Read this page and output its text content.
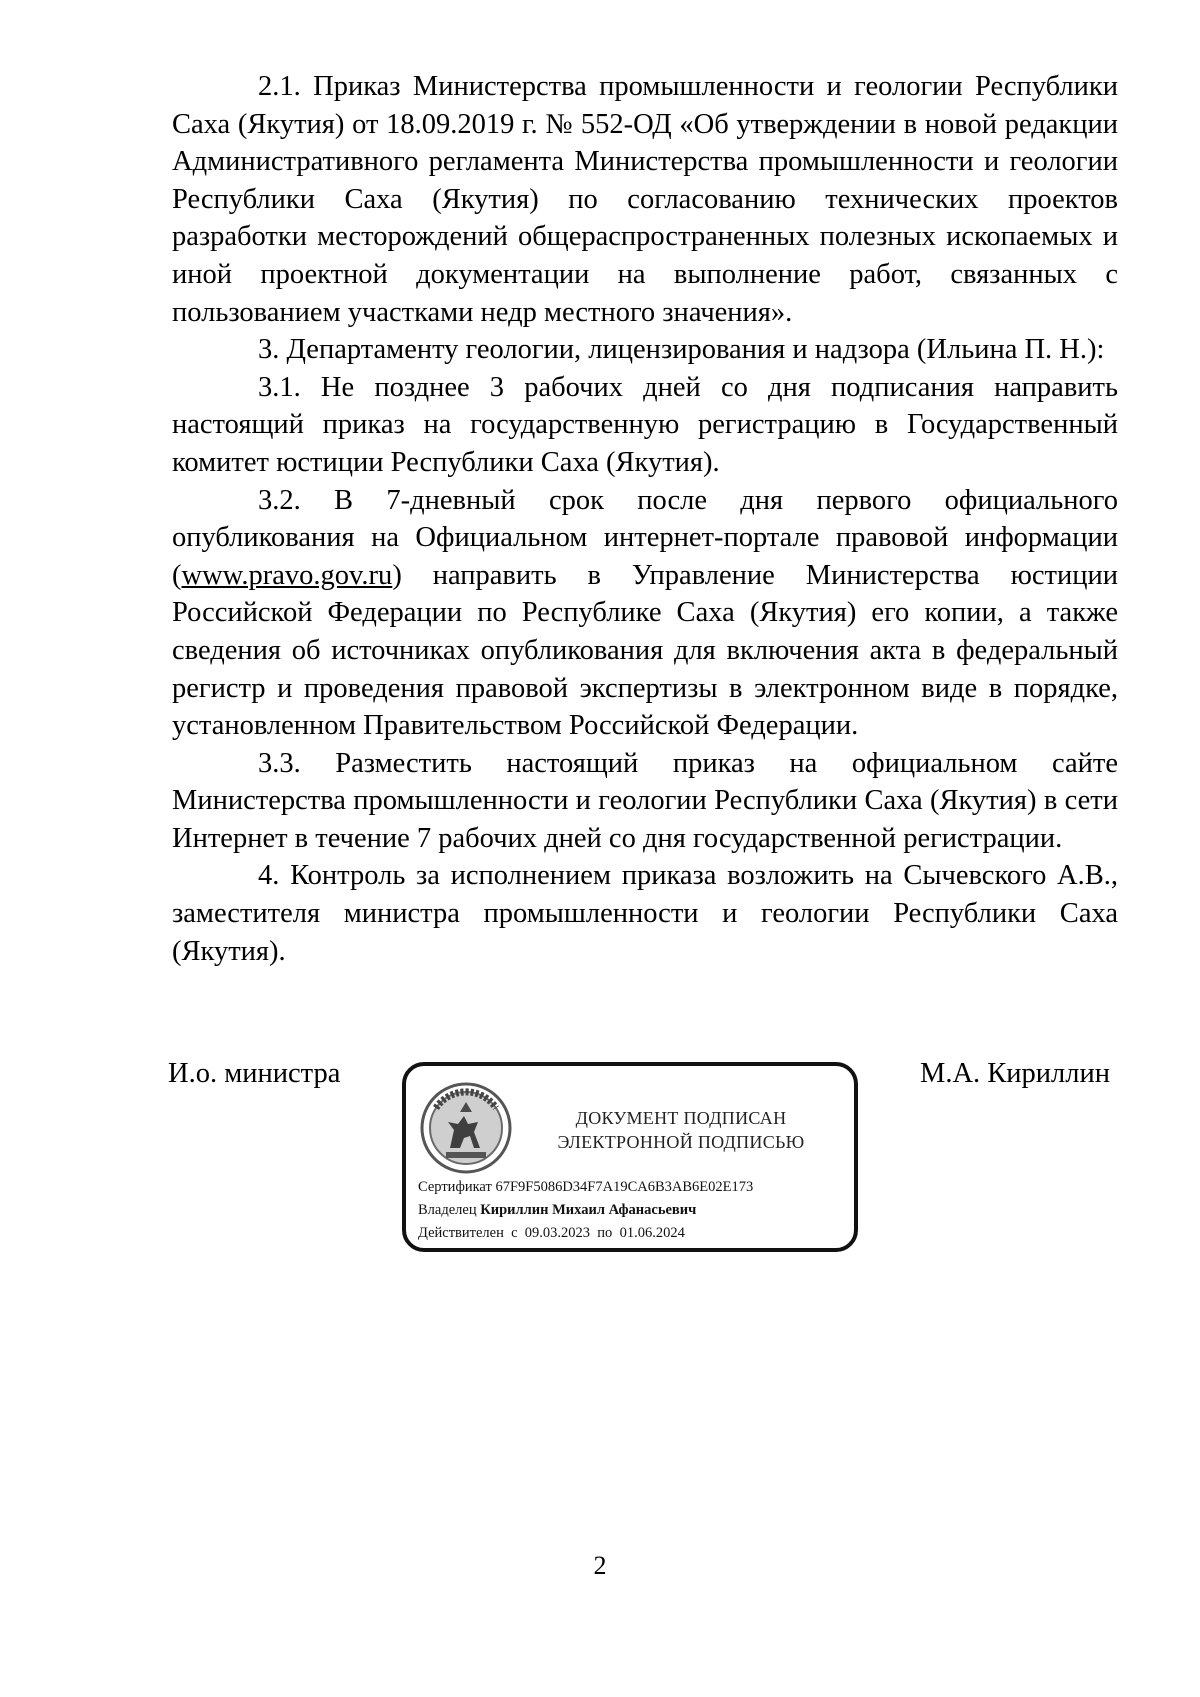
2.1. Приказ Министерства промышленности и геологии Республики Саха (Якутия) от 18.09.2019 г. № 552-ОД «Об утверждении в новой редакции Административного регламента Министерства промышленности и геологии Республики Саха (Якутия) по согласованию технических проектов разработки месторождений общераспространенных полезных ископаемых и иной проектной документации на выполнение работ, связанных с пользованием участками недр местного значения».

3. Департаменту геологии, лицензирования и надзора (Ильина П. Н.):

3.1. Не позднее 3 рабочих дней со дня подписания направить настоящий приказ на государственную регистрацию в Государственный комитет юстиции Республики Саха (Якутия).

3.2. В 7-дневный срок после дня первого официального опубликования на Официальном интернет-портале правовой информации (www.pravo.gov.ru) направить в Управление Министерства юстиции Российской Федерации по Республике Саха (Якутия) его копии, а также сведения об источниках опубликования для включения акта в федеральный регистр и проведения правовой экспертизы в электронном виде в порядке, установленном Правительством Российской Федерации.

3.3. Разместить настоящий приказ на официальном сайте Министерства промышленности и геологии Республики Саха (Якутия) в сети Интернет в течение 7 рабочих дней со дня государственной регистрации.

4. Контроль за исполнением приказа возложить на Сычевского А.В., заместителя министра промышленности и геологии Республики Саха (Якутия).

И.о. министра	М.А. Кириллин
ДОКУМЕНТ ПОДПИСАН
ЭЛЕКТРОННОЙ ПОДПИСЬЮ
Сертификат 67F9F5086D34F7A19CA6B3AB6E02E173
Владелец Кириллин Михаил Афанасьевич
Действителен с 09.03.2023 по 01.06.2024
2
